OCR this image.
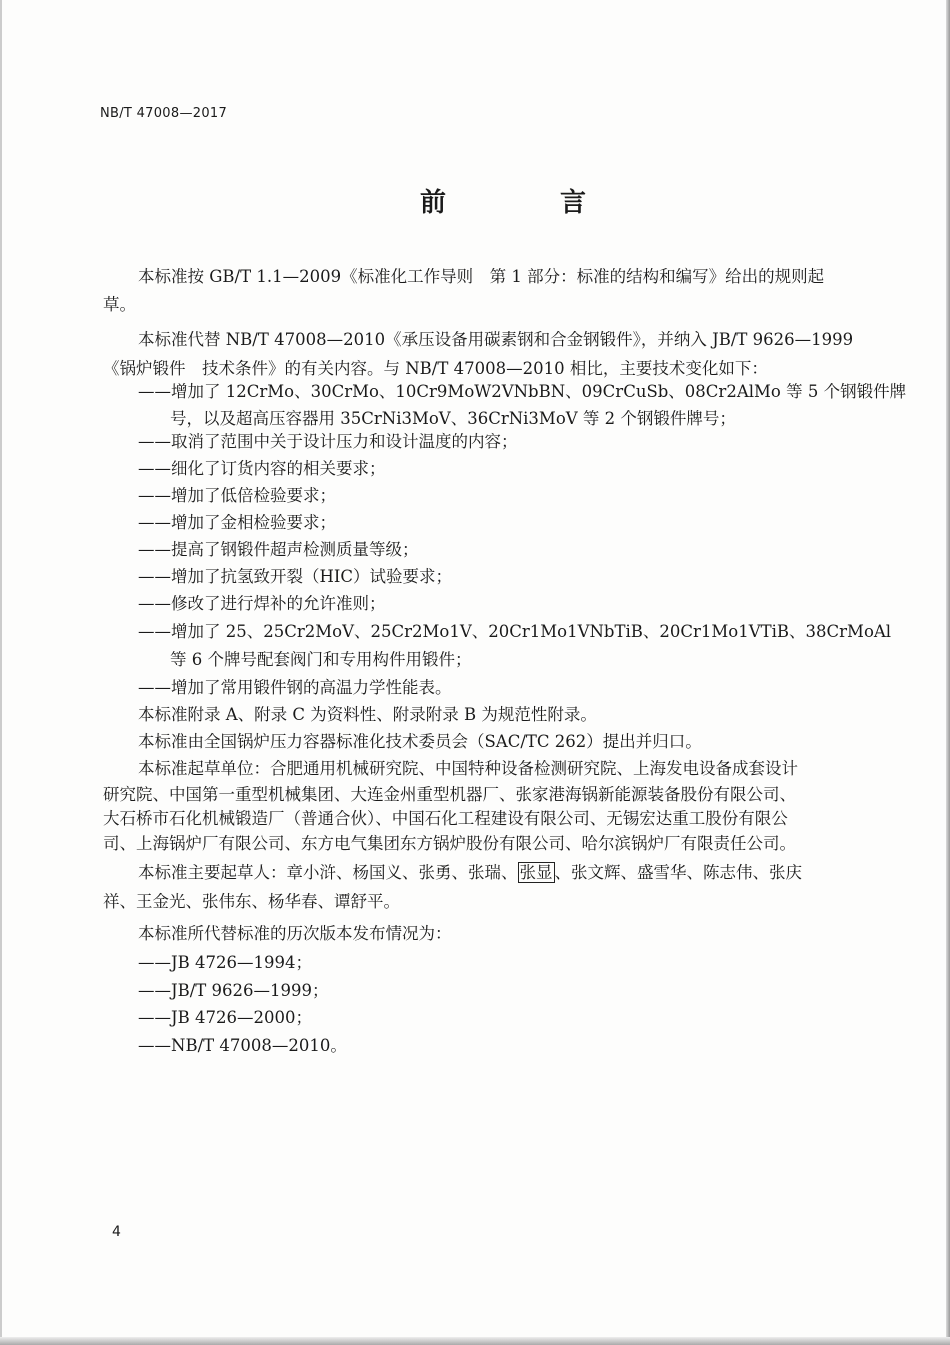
NB/T 47008—2017
前　言
本标准按 GB/T 1.1—2009《标准化工作导则　第 1 部分：标准的结构和编写》给出的规则起
草。
本标准代替 NB/T 47008—2010《承压设备用碳素钢和合金钢锻件》，并纳入 JB/T 9626—1999
《锅炉锻件　技术条件》的有关内容。与 NB/T 47008—2010 相比，主要技术变化如下：
——增加了 12CrMo、30CrMo、10Cr9MoW2VNbBN、09CrCuSb、08Cr2AlMo 等 5 个钢锻件牌
号，以及超高压容器用 35CrNi3MoV、36CrNi3MoV 等 2 个钢锻件牌号；
——取消了范围中关于设计压力和设计温度的内容；
——细化了订货内容的相关要求；
——增加了低倍检验要求；
——增加了金相检验要求；
——提高了钢锻件超声检测质量等级；
——增加了抗氢致开裂（HIC）试验要求；
——修改了进行焊补的允许准则；
——增加了 25、25Cr2MoV、25Cr2Mo1V、20Cr1Mo1VNbTiB、20Cr1Mo1VTiB、38CrMoAl
等 6 个牌号配套阀门和专用构件用锻件；
——增加了常用锻件钢的高温力学性能表。
本标准附录 A、附录 C 为资料性、附录附录 B 为规范性附录。
本标准由全国锅炉压力容器标准化技术委员会（SAC/TC 262）提出并归口。
本标准起草单位：合肥通用机械研究院、中国特种设备检测研究院、上海发电设备成套设计
研究院、中国第一重型机械集团、大连金州重型机器厂、张家港海锅新能源装备股份有限公司、
大石桥市石化机械锻造厂（普通合伙）、中国石化工程建设有限公司、无锡宏达重工股份有限公
司、上海锅炉厂有限公司、东方电气集团东方锅炉股份有限公司、哈尔滨锅炉厂有限责任公司。
本标准主要起草人：章小浒、杨国义、张勇、张瑞、 张显 、张文辉、盛雪华、陈志伟、张庆
祥、王金光、张伟东、杨华春、谭舒平。
本标准所代替标准的历次版本发布情况为：
——JB 4726—1994；
——JB/T 9626—1999；
——JB 4726—2000；
——NB/T 47008—2010。
4
